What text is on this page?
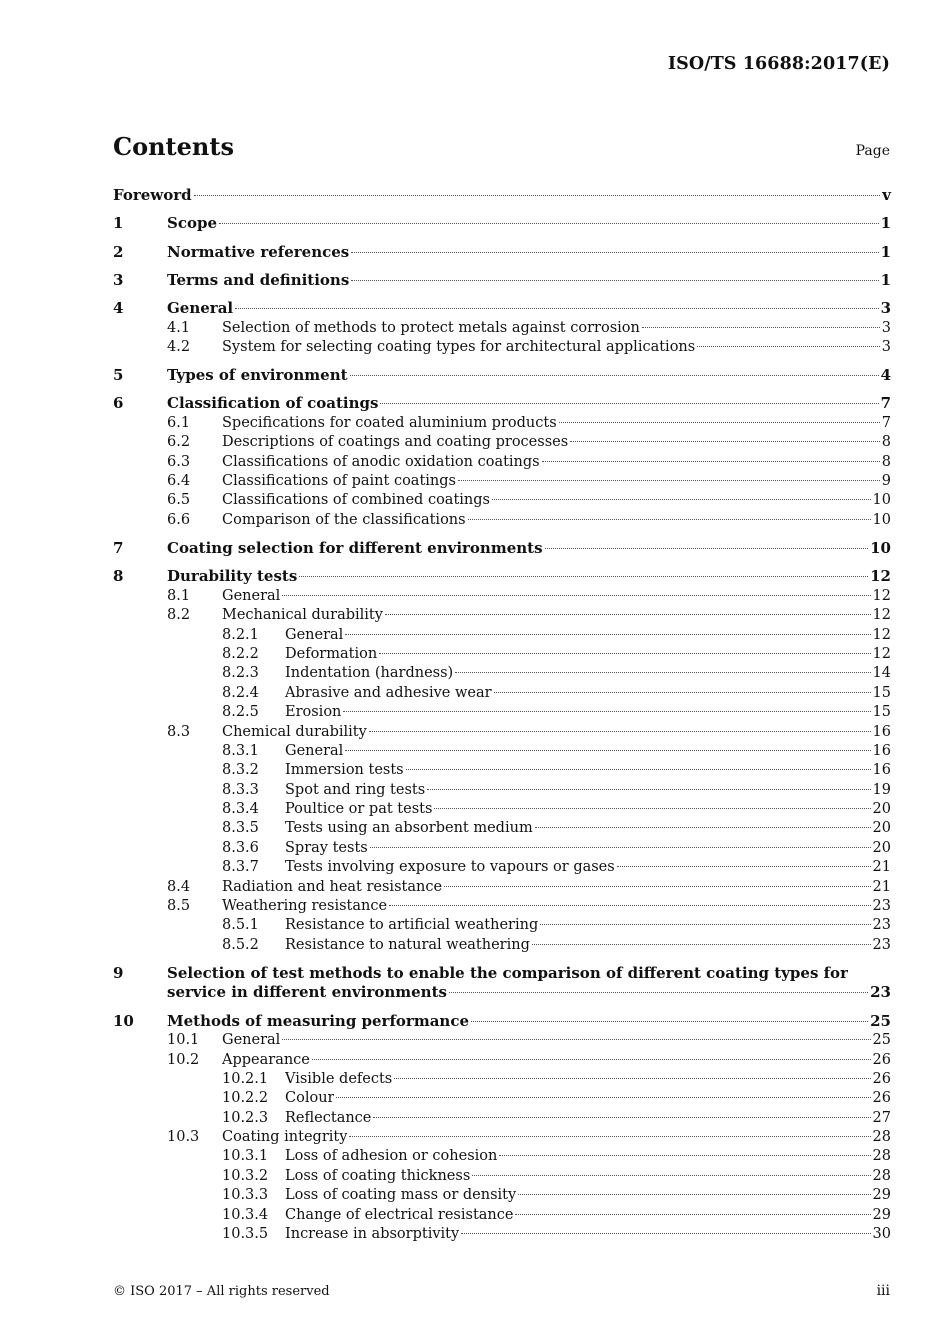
ISO/TS 16688:2017(E)
Contents	Page
Foreword	v
1	Scope	1
2	Normative references	1
3	Terms and definitions	1
4	General	3
4.1	Selection of methods to protect metals against corrosion	3
4.2	System for selecting coating types for architectural applications	3
5	Types of environment	4
6	Classification of coatings	7
6.1	Specifications for coated aluminium products	7
6.2	Descriptions of coatings and coating processes	8
6.3	Classifications of anodic oxidation coatings	8
6.4	Classifications of paint coatings	9
6.5	Classifications of combined coatings	10
6.6	Comparison of the classifications	10
7	Coating selection for different environments	10
8	Durability tests	12
8.1	General	12
8.2	Mechanical durability	12
8.2.1	General	12
8.2.2	Deformation	12
8.2.3	Indentation (hardness)	14
8.2.4	Abrasive and adhesive wear	15
8.2.5	Erosion	15
8.3	Chemical durability	16
8.3.1	General	16
8.3.2	Immersion tests	16
8.3.3	Spot and ring tests	19
8.3.4	Poultice or pat tests	20
8.3.5	Tests using an absorbent medium	20
8.3.6	Spray tests	20
8.3.7	Tests involving exposure to vapours or gases	21
8.4	Radiation and heat resistance	21
8.5	Weathering resistance	23
8.5.1	Resistance to artificial weathering	23
8.5.2	Resistance to natural weathering	23
9	Selection of test methods to enable the comparison of different coating types for
service in different environments	23
10	Methods of measuring performance	25
10.1	General	25
10.2	Appearance	26
10.2.1	Visible defects	26
10.2.2	Colour	26
10.2.3	Reflectance	27
10.3	Coating integrity	28
10.3.1	Loss of adhesion or cohesion	28
10.3.2	Loss of coating thickness	28
10.3.3	Loss of coating mass or density	29
10.3.4	Change of electrical resistance	29
10.3.5	Increase in absorptivity	30
© ISO 2017 – All rights reserved	iii
